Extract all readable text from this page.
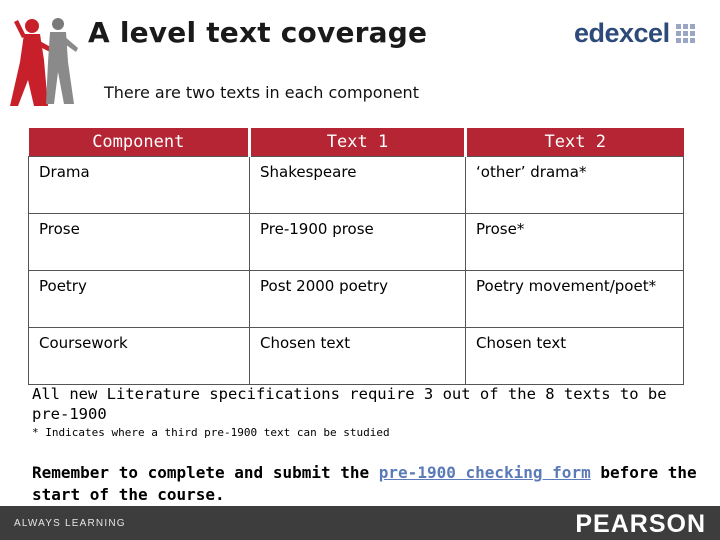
A level text coverage	edexcel
There are two texts in each component
Component	Text 1	Text 2
Drama	Shakespeare	‘other’ drama*
Prose	Pre-1900 prose	Prose*
Poetry	Post 2000 poetry	Poetry movement/poet*
Coursework	Chosen text	Chosen text
All new Literature specifications require 3 out of the 8 texts to be pre-1900
* Indicates where a third pre-1900 text can be studied
Remember to complete and submit the pre-1900 checking form before the start of the course.
ALWAYS LEARNING	PEARSON
